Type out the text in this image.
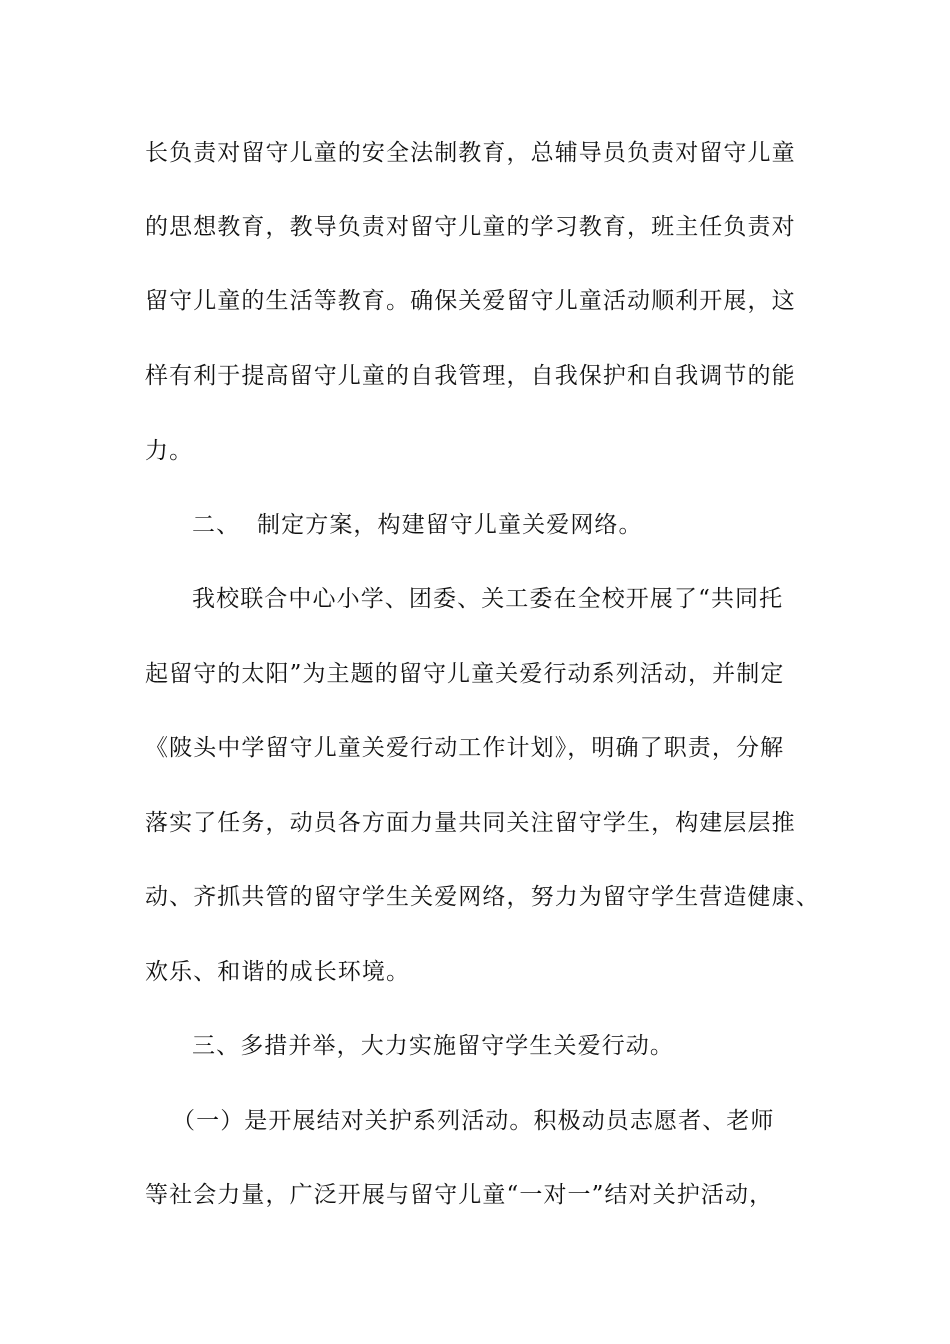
长负责对留守儿童的安全法制教育，总辅导员负责对留守儿童
的思想教育，教导负责对留守儿童的学习教育，班主任负责对
留守儿童的生活等教育。确保关爱留守儿童活动顺利开展，这
样有利于提高留守儿童的自我管理，自我保护和自我调节的能
力。
二、  制定方案，构建留守儿童关爱网络。
我校联合中心小学、团委、关工委在全校开展了“共同托
起留守的太阳”为主题的留守儿童关爱行动系列活动，并制定
《陂头中学留守儿童关爱行动工作计划》，明确了职责，分解
落实了任务，动员各方面力量共同关注留守学生，构建层层推
动、齐抓共管的留守学生关爱网络，努力为留守学生营造健康、
欢乐、和谐的成长环境。
三、多措并举，大力实施留守学生关爱行动。
（一）是开展结对关护系列活动。积极动员志愿者、老师
等社会力量，广泛开展与留守儿童“一对一”结对关护活动，
